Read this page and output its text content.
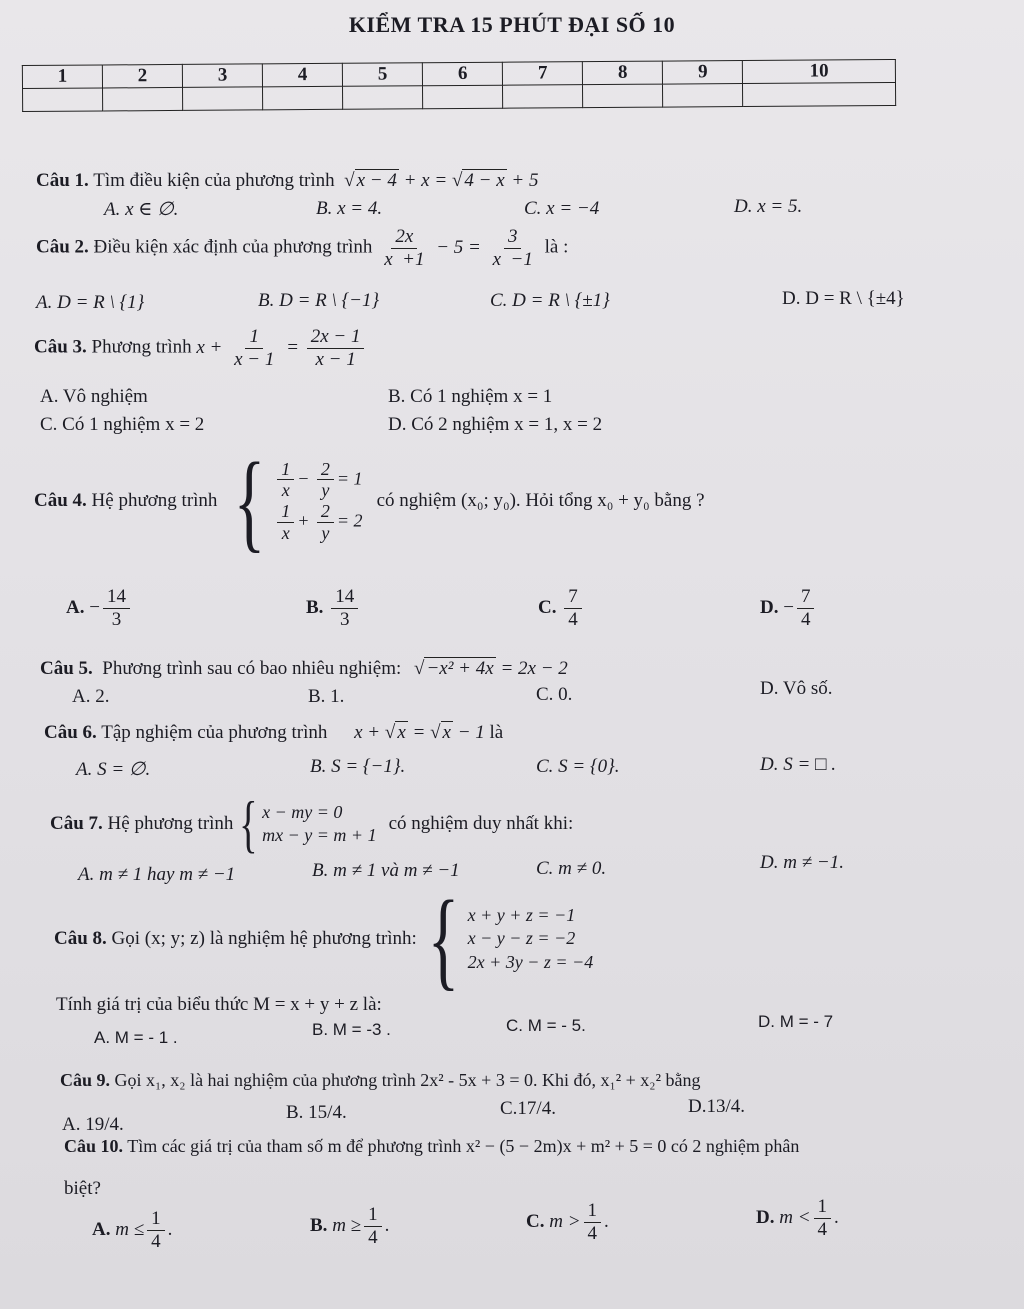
KIỂM TRA 15 PHÚT ĐẠI SỐ 10
1	2	3	4	5	6	7	8	9	10

Câu 1. Tìm điều kiện của phương trình √ x − 4 + x = √ 4 − x + 5
A. x ∈ ∅.	B. x = 4.	C. x = −4	D. x = 5.
Câu 2. Điều kiện xác định của phương trình $\frac{2x}{x +1} - 5 = \frac{3}{x -1}$ là :
A. D = R \ {1}	B. D = R \ {−1}	C. D = R \ {±1}	D. D = R \ {±4}
Câu 3. Phương trình $x + \frac{1}{x - 1} = \frac{2x - 1}{x - 1}$
A. Vô nghiệm	B. Có 1 nghiệm x = 1
C. Có 1 nghiệm x = 2	D. Có 2 nghiệm x = 1, x = 2
Câu 4.
Hệ phương trình { $\frac{1}{x} - \frac{2}{y} = 1$
$\frac{1}{x} + \frac{2}{y} = 2$
có nghiệm (x₀; y₀). Hỏi tổng x₀ + y₀ bằng ?
A. − $\frac{14}{3}$	B.
$\frac{14}{3}$	C.
$\frac{7}{4}$	D. − $\frac{7}{4}$
Câu 5. Phương trình sau có bao nhiêu nghiệm: √ −x² + 4x = 2x − 2
A. 2.	B. 1.	C. 0.	D. Vô số.
Câu 6. Tập nghiệm của phương trình x + √ x = √ x − 1 là
A. S = ∅.	B. S = {−1}.	C. S = {0}.	D. S = □ .
Câu 7.
Hệ phương trình { x − my = 0
mx − y = m + 1
có nghiệm duy nhất khi:
A. m ≠ 1 hay m ≠ −1	B. m ≠ 1 và m ≠ −1	C. m ≠ 0.	D. m ≠ −1.
Câu 8.
Gọi (x; y; z) là nghiệm hệ phương trình: { x + y + z = −1
x − y − z = −2
2x + 3y − z = −4
Tính giá trị của biểu thức M = x + y + z là:
A. M = - 1 .	B. M = -3 .	C. M = - 5.	D. M = - 7
Câu 9. Gọi x₁, x₂ là hai nghiệm của phương trình 2x² - 5x + 3 = 0. Khi đó, x₁² + x₂² bằng
A. 19/4.
B. 15/4.	C.17/4.	D.13/4.
Câu 10. Tìm các giá trị của tham số m để phương trình x² − (5 − 2m)x + m² + 5 = 0 có 2 nghiệm phân
biệt?
A.
$m \le \frac{1}{4}$ .	B.
$m \ge \frac{1}{4}$ .	C.
$m > \frac{1}{4}$ .	D.
$m < \frac{1}{4}$ .
